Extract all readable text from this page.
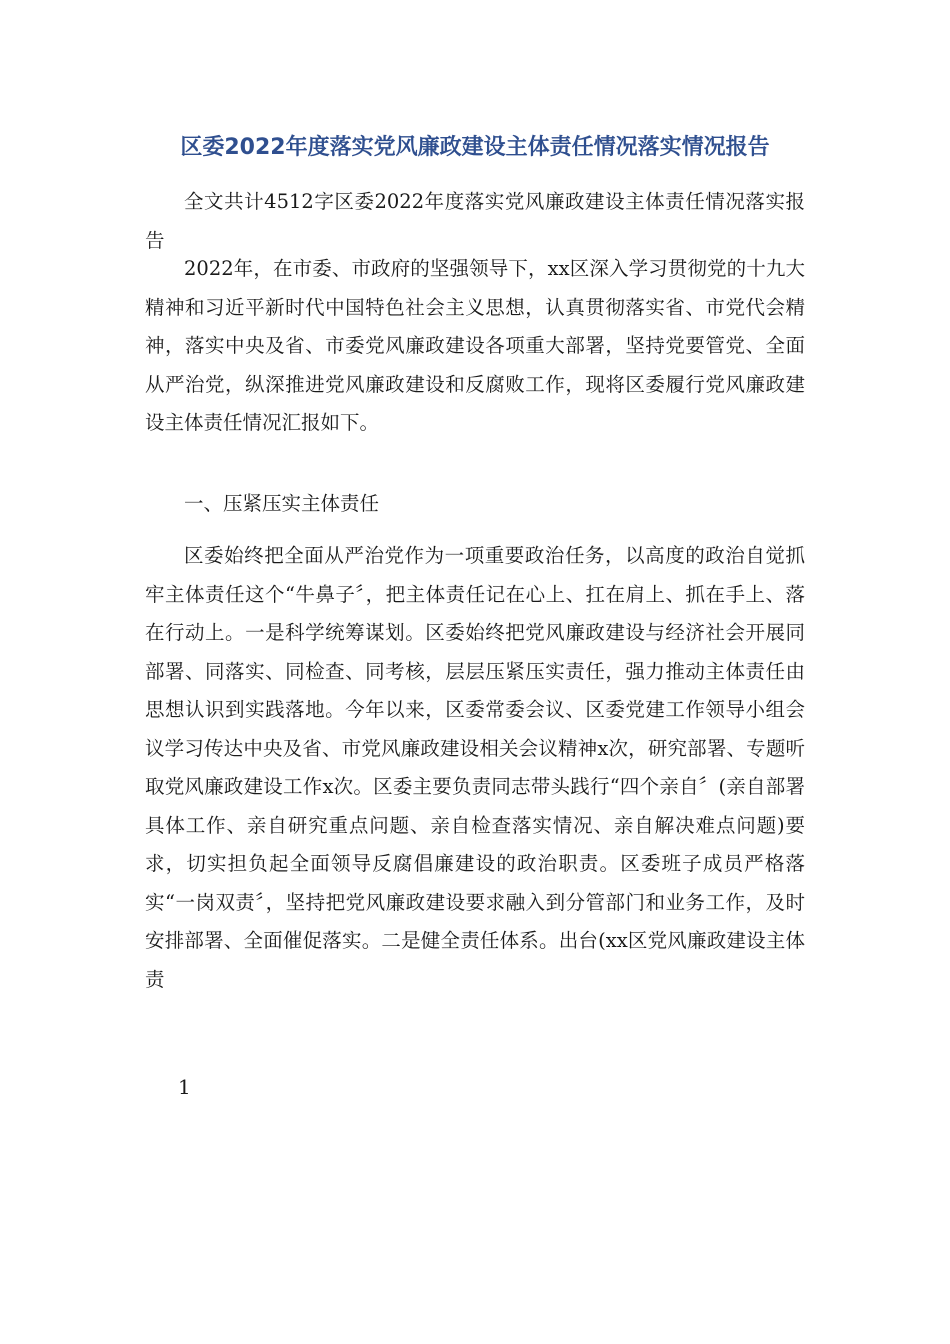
区委2022年度落实党风廉政建设主体责任情况落实情况报告

全文共计4512字区委2022年度落实党风廉政建设主体责任情况落实报告

2022年，在市委、市政府的坚强领导下，xx区深入学习贯彻党的十九大精神和习近平新时代中国特色社会主义思想，认真贯彻落实省、市党代会精神，落实中央及省、市委党风廉政建设各项重大部署，坚持党要管党、全面从严治党，纵深推进党风廉政建设和反腐败工作，现将区委履行党风廉政建设主体责任情况汇报如下。

一、压紧压实主体责任

区委始终把全面从严治党作为一项重要政治任务，以高度的政治自觉抓牢主体责任这个“牛鼻子〞，把主体责任记在心上、扛在肩上、抓在手上、落在行动上。一是科学统筹谋划。区委始终把党风廉政建设与经济社会开展同部署、同落实、同检查、同考核，层层压紧压实责任，强力推动主体责任由思想认识到实践落地。今年以来，区委常委会议、区委党建工作领导小组会议学习传达中央及省、市党风廉政建设相关会议精神x次，研究部署、专题听取党风廉政建设工作x次。区委主要负责同志带头践行“四个亲自〞(亲自部署具体工作、亲自研究重点问题、亲自检查落实情况、亲自解决难点问题)要求，切实担负起全面领导反腐倡廉建设的政治职责。区委班子成员严格落实“一岗双责〞，坚持把党风廉政建设要求融入到分管部门和业务工作，及时安排部署、全面催促落实。二是健全责任体系。出台(xx区党风廉政建设主体责

1
